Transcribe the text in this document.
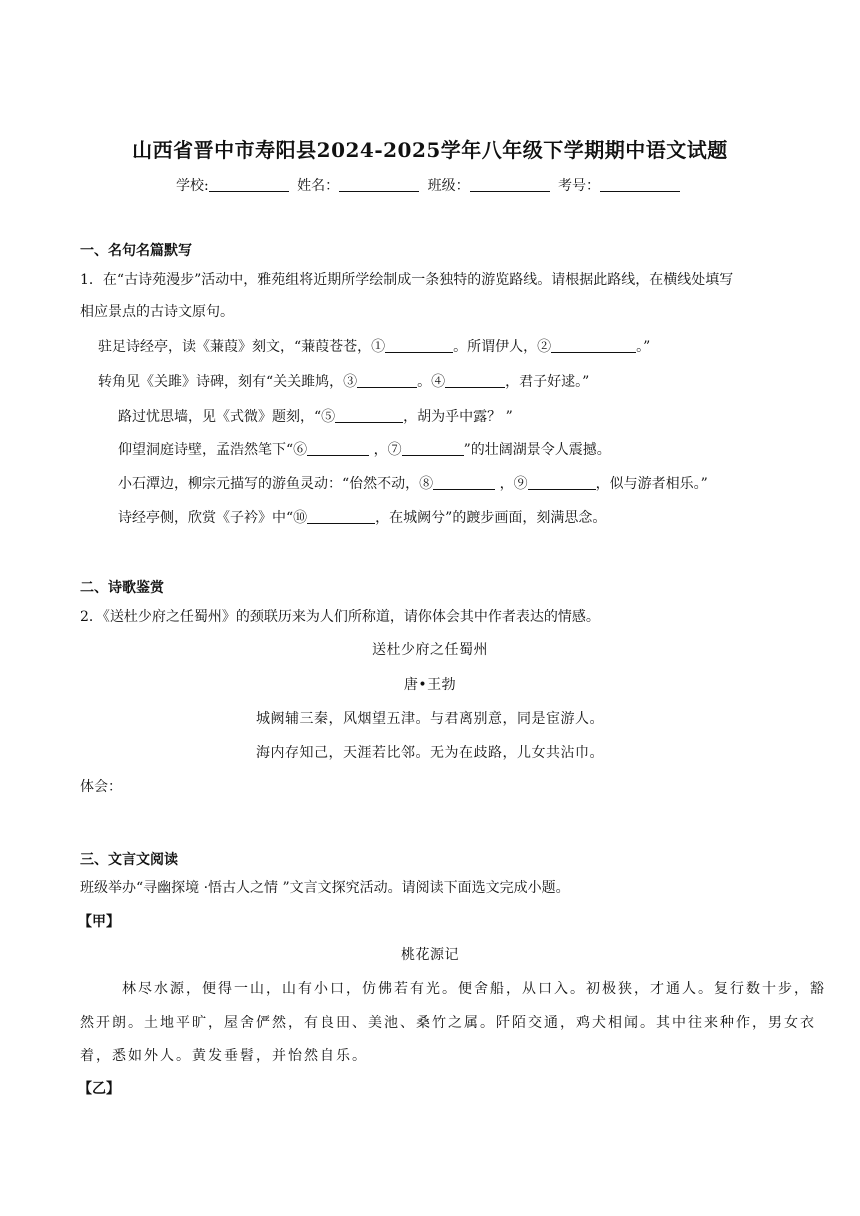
山西省晋中市寿阳县2024-2025学年八年级下学期期中语文试题
学校:	姓名：	班级：	考号：
一、名句名篇默写
1．在“古诗苑漫步”活动中，雅苑组将近期所学绘制成一条独特的游览路线。请根据此路线，在横线处填写
相应景点的古诗文原句。
驻足诗经亭，读《蒹葭》刻文，“蒹葭苍苍，①	。所谓伊人，②	。”
转角见《关雎》诗碑，刻有“关关雎鸠，③	。④	，君子好逑。”
路过忧思墙，见《式微》题刻，“⑤	，胡为乎中露？ ”
仰望洞庭诗壁，孟浩然笔下“⑥	，⑦	”的壮阔湖景令人震撼。
小石潭边，柳宗元描写的游鱼灵动：“佁然不动，⑧	，⑨	，似与游者相乐。”
诗经亭侧，欣赏《子衿》中“⑩	，在城阙兮”的踱步画面，刻满思念。
二、诗歌鉴赏
2．《送杜少府之任蜀州》的颈联历来为人们所称道，请你体会其中作者表达的情感。
送杜少府之任蜀州
唐•王勃
城阙辅三秦，风烟望五津。与君离别意，同是宦游人。
海内存知己，天涯若比邻。无为在歧路，儿女共沾巾。
体会：
三、文言文阅读
班级举办“寻幽探境 ·悟古人之情 ”文言文探究活动。请阅读下面选文完成小题。
【甲】
桃花源记
林尽水源，便得一山，山有小口，仿佛若有光。便舍船，从口入。初极狭，才通人。复行数十步，豁
然开朗。土地平旷，屋舍俨然，有良田、美池、桑竹之属。阡陌交通，鸡犬相闻。其中往来种作，男女衣
着，悉如外人。黄发垂髫，并怡然自乐。
【乙】
